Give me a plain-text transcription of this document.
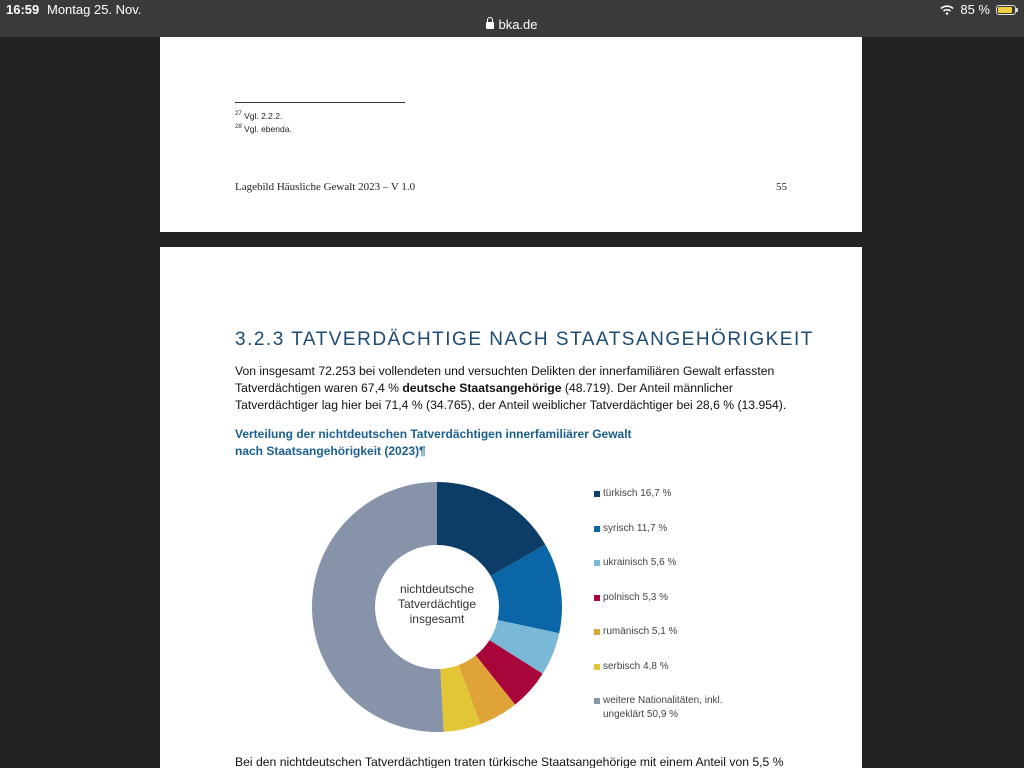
16:59 Montag 25. Nov.
bka.de
85 %
$^{27}$ Vgl. 2.2.2.
$^{28}$ Vgl. ebenda.
Lagebild Häusliche Gewalt 2023 – V 1.0	55
3.2.3 TATVERDÄCHTIGE NACH STAATSANGEHÖRIGKEIT
Von insgesamt 72.253 bei vollendeten und versuchten Delikten der innerfamiliären Gewalt erfassten Tatverdächtigen waren 67,4 % deutsche Staatsangehörige (48.719). Der Anteil männlicher Tatverdächtiger lag hier bei 71,4 % (34.765), der Anteil weiblicher Tatverdächtiger bei 28,6 % (13.954).
Verteilung der nichtdeutschen Tatverdächtigen innerfamiliärer Gewalt
nach Staatsangehörigkeit (2023)¶
nichtdeutsche
Tatverdächtige
insgesamt
türkisch 16,7 %
syrisch 11,7 %
ukrainisch 5,6 %
polnisch 5,3 %
rumänisch 5,1 %
serbisch 4,8 %
weitere Nationalitäten, inkl.
ungeklärt 50,9 %
Bei den nichtdeutschen Tatverdächtigen traten türkische Staatsangehörige mit einem Anteil von 5,5 %
